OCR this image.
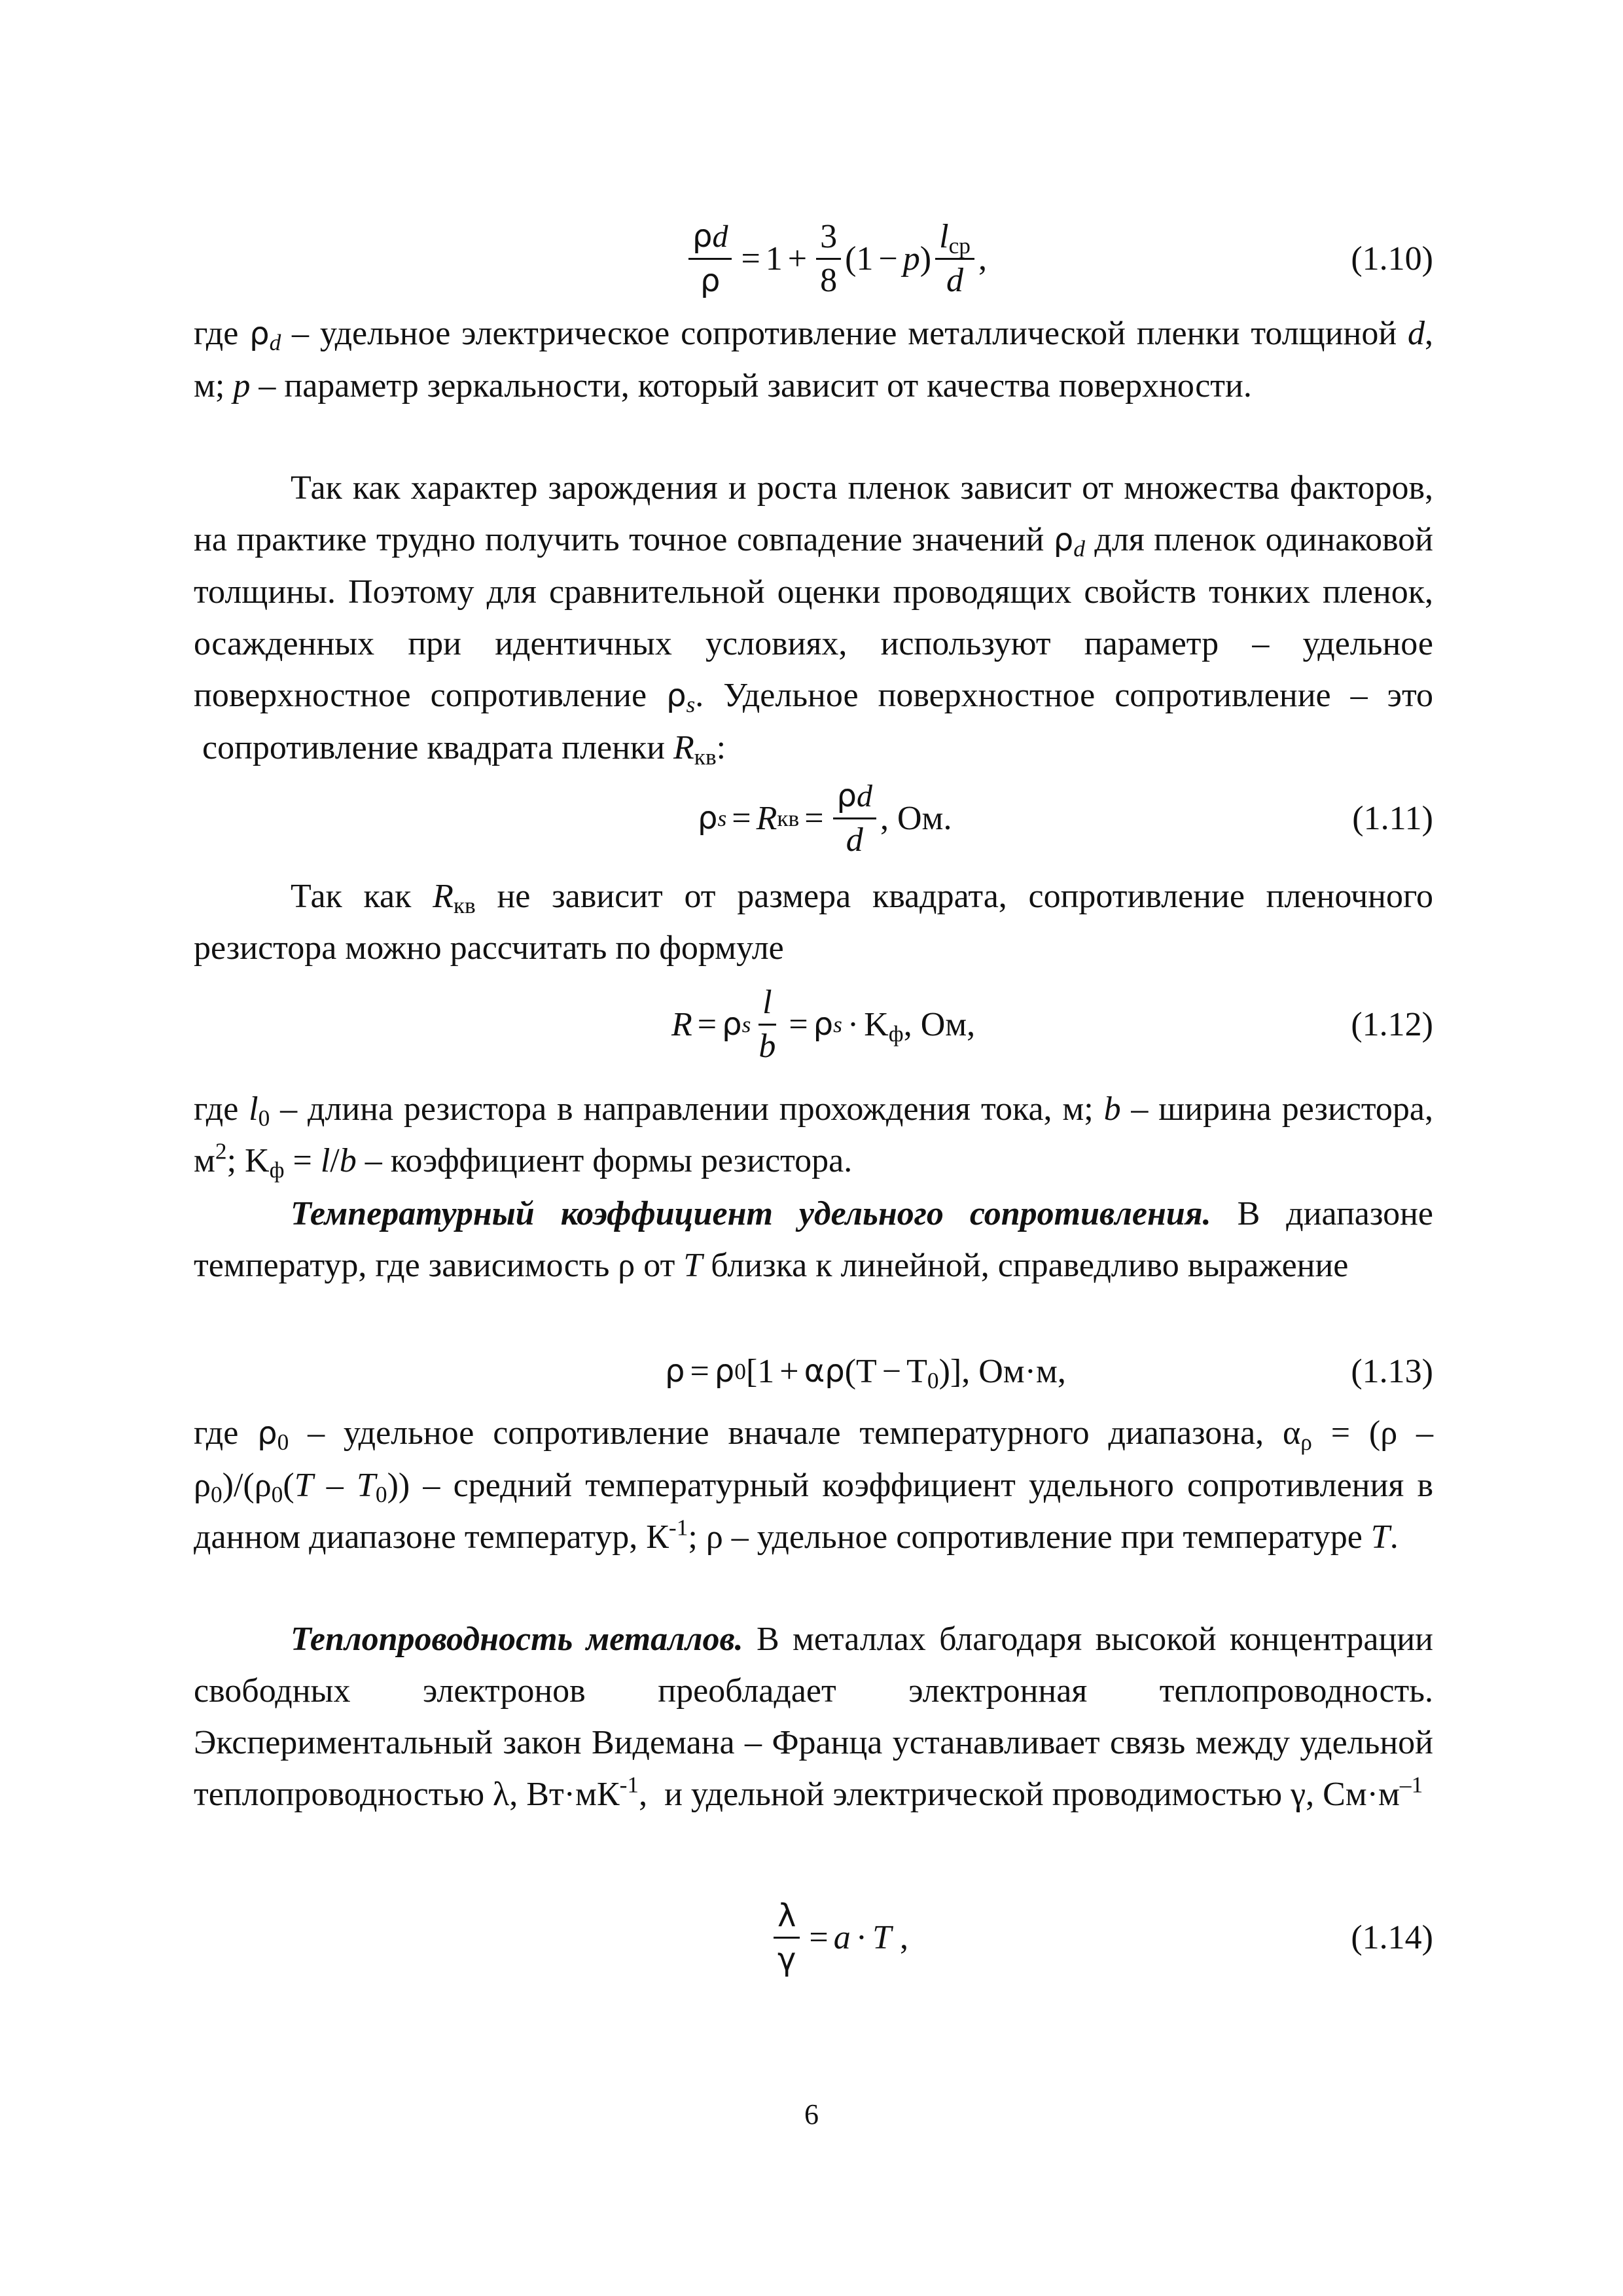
$\frac{\rho d}{\rho} = 1 + \frac{3}{8} (1 - p) \frac{l_{ср}}{d}$ ,	(1.10)

где $\rho_d$ – удельное электрическое сопротивление металлической пленки толщиной d, м; p – параметр зеркальности, который зависит от качества поверхности.

Так как характер зарождения и роста пленок зависит от множества факторов, на практике трудно получить точное совпадение значений $\rho_d$ для пленок одинаковой толщины. Поэтому для сравнительной оценки проводящих свойств тонких пленок, осажденных при идентичных условиях, используют параметр – удельное поверхностное сопротивление $\rho_s$. Удельное поверхностное сопротивление – это  сопротивление квадрата пленки $R_{кв}$:

ρ s = R кв = $\frac{\rho d}{d}$ , Ом.	(1.11)

Так как $R_{кв}$ не зависит от размера квадрата, сопротивление пленочного резистора можно рассчитать по формуле

R = ρ s $\frac{l}{b} = \rho$ $s \cdot K_ф$ , Ом,	(1.12)

где $l_0$ – длина резистора в направлении прохождения тока, м; b – ширина резистора, $м^2$; $K_ф = l/b$ – коэффициент формы резистора.

Температурный коэффициент удельного сопротивления. В диапазоне температур, где зависимость ρ от T близка к линейной, справедливо выражение

ρ = ρ 0 [1 + α ρ $(T - T_0)$] , Ом·м,	(1.13)

где $\rho_0$ – удельное сопротивление вначале температурного диапазона, $\alpha_\rho = (\rho - \rho_0)/(\rho_0(T - T_0))$ – средний температурный коэффициент удельного сопротивления в данном диапазоне температур, $К^{-1}$; ρ – удельное сопротивление при температуре T.

Теплопроводность металлов. В металлах благодаря высокой концентрации свободных электронов преобладает электронная теплопроводность. Экспериментальный закон Видемана – Франца устанавливает связь между удельной теплопроводностью λ, $Вт\cdot мК^{-1}$,  и удельной электрической проводимостью γ, $См\cdot м^{-1}$

$\frac{\lambda}{\gamma} = a \cdot T$ ,	(1.14)
6
